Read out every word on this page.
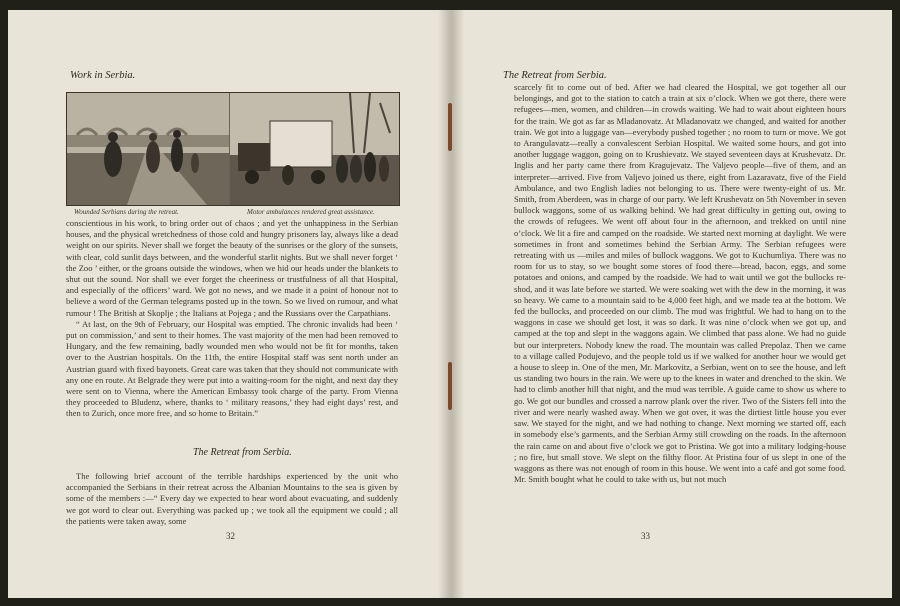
Work in Serbia.
Wounded Serbians during the retreat.	Motor ambulances rendered great assistance.

conscientious in his work, to bring order out of chaos ; and yet the unhappiness in the Serbian houses, and the physical wretchedness of those cold and hungry prisoners lay, always like a dead weight on our spirits. Never shall we forget the beauty of the sunrises or the glory of the sunsets, with clear, cold sunlit days between, and the wonderful starlit nights. But we shall never forget ‘ the Zoo ’ either, or the groans outside the windows, when we hid our heads under the blankets to shut out the sound. Nor shall we ever forget the cheeriness or trustfulness of all that Hospital, and especially of the officers’ ward. We got no news, and we made it a point of honour not to believe a word of the German telegrams posted up in the town. So we lived on rumour, and what rumour ! The British at Skoplje ; the Italians at Pojega ; and the Russians over the Carpathians.

“ At last, on the 9th of February, our Hospital was emptied. The chronic invalids had been ‘ put on commission,’ and sent to their homes. The vast majority of the men had been removed to Hungary, and the few remaining, badly wounded men who would not be fit for months, taken over to the Austrian hospitals. On the 11th, the entire Hospital staff was sent north under an Austrian guard with fixed bayonets. Great care was taken that they should not communicate with any one en route. At Belgrade they were put into a waiting-room for the night, and next day they were sent on to Vienna, where the American Embassy took charge of the party. From Vienna they proceeded to Bludenz, where, thanks to ‘ military reasons,’ they had eight days’ rest, and then to Zurich, once more free, and so home to Britain.”

The Retreat from Serbia.

The following brief account of the terrible hardships experienced by the unit who accompanied the Serbians in their retreat across the Albanian Mountains to the sea is given by some of the members :—“ Every day we expected to hear word about evacuating, and suddenly we got word to clear out. Everything was packed up ; we took all the equipment we could ; all the patients were taken away, some

32
The Retreat from Serbia.

scarcely fit to come out of bed. After we had cleared the Hospital, we got together all our belongings, and got to the station to catch a train at six o’clock. When we got there, there were refugees—men, women, and children—in crowds waiting. We had to wait about eighteen hours for the train. We got as far as Mladanovatz. At Mladanovatz we changed, and waited for another train. We got into a luggage van—everybody pushed together ; no room to turn or move. We got to Arangulavatz—really a convalescent Serbian Hospital. We waited some hours, and got into another luggage waggon, going on to Krushievatz. We stayed seventeen days at Krushevatz. Dr. Inglis and her party came there from Kragujevatz. The Valjevo people—five of them, and an interpreter—arrived. Five from Valjevo joined us there, eight from Lazaravatz, five of the Field Ambulance, and two English ladies not belonging to us. There were twenty-eight of us. Mr. Smith, from Aberdeen, was in charge of our party. We left Krushevatz on 5th November in seven bullock waggons, some of us walking behind. We had great difficulty in getting out, owing to the crowds of refugees. We went off about four in the afternoon, and trekked on until nine o’clock. We lit a fire and camped on the roadside. We started next morning at daylight. We were sometimes in front and sometimes behind the Serbian Army. The Serbian refugees were retreating with us —miles and miles of bullock waggons. We got to Kuchumliya. There was no room for us to stay, so we bought some stores of food there—bread, bacon, eggs, and some potatoes and onions, and camped by the roadside. We had to wait until we got the bullocks re-shod, and it was late before we started. We were soaking wet with the dew in the morning, it was so heavy. We came to a mountain said to be 4,000 feet high, and we made tea at the bottom. We fed the bullocks, and proceeded on our climb. The mud was frightful. We had to hang on to the waggons in case we should get lost, it was so dark. It was nine o’clock when we got up, and camped at the top and slept in the waggons again. We climbed that pass alone. We had no guide but our interpreters. Nobody knew the road. The mountain was called Prepolaz. Then we came to a village called Podujevo, and the people told us if we walked for another hour we would get a house to sleep in. One of the men, Mr. Markovitz, a Serbian, went on to see the house, and left us standing two hours in the rain. We were up to the knees in water and drenched to the skin. We had to climb another hill that night, and the mud was terrible. A guide came to show us where to go. We got our bundles and crossed a narrow plank over the river. Two of the Sisters fell into the river and were nearly washed away. When we got over, it was the dirtiest little house you ever saw. We stayed for the night, and we had nothing to change. Next morning we started off, each in somebody else’s garments, and the Serbian Army still crowding on the roads. In the afternoon the rain came on and about five o’clock we got to Pristina. We got into a military lodging-house ; no fire, but small stove. We slept on the filthy floor. At Pristina four of us slept in one of the waggons as there was not enough of room in this house. We went into a café and got some food. Mr. Smith bought what he could to take with us, but not much

33
